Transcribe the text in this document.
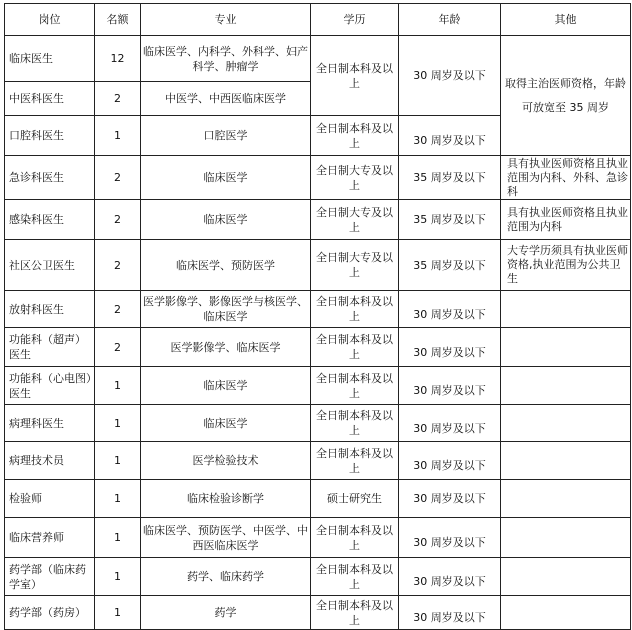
岗位	名额	专业	学历	年龄	其他
临床医生	12	临床医学、内科学、外科学、妇产科学、肿瘤学	全日制本科及以上	30 周岁及以下	取得主治医师资格，年龄可放宽至 35 周岁
中医科医生	2	中医学、中西医临床医学			
口腔科医生	1	口腔医学	全日制本科及以上	30 周岁及以下	
急诊科医生	2	临床医学	全日制大专及以上	35 周岁及以下	具有执业医师资格且执业范围为内科、外科、急诊科
感染科医生	2	临床医学	全日制大专及以上	35 周岁及以下	具有执业医师资格且执业范围为内科
社区公卫医生	2	临床医学、预防医学	全日制大专及以上	35 周岁及以下	大专学历须具有执业医师资格,执业范围为公共卫生
放射科医生	2	医学影像学、影像医学与核医学、临床医学	全日制本科及以上	30 周岁及以下	
功能科（超声）医生	2	医学影像学、临床医学	全日制本科及以上	30 周岁及以下	
功能科（心电图）医生	1	临床医学	全日制本科及以上	30 周岁及以下	
病理科医生	1	临床医学	全日制本科及以上	30 周岁及以下	
病理技术员	1	医学检验技术	全日制本科及以上	30 周岁及以下	
检验师	1	临床检验诊断学	硕士研究生	30 周岁及以下	
临床营养师	1	临床医学、预防医学、中医学、中西医临床医学	全日制本科及以上	30 周岁及以下	
药学部（临床药学室）	1	药学、临床药学	全日制本科及以上	30 周岁及以下	
药学部（药房）	1	药学	全日制本科及以上	30 周岁及以下	
